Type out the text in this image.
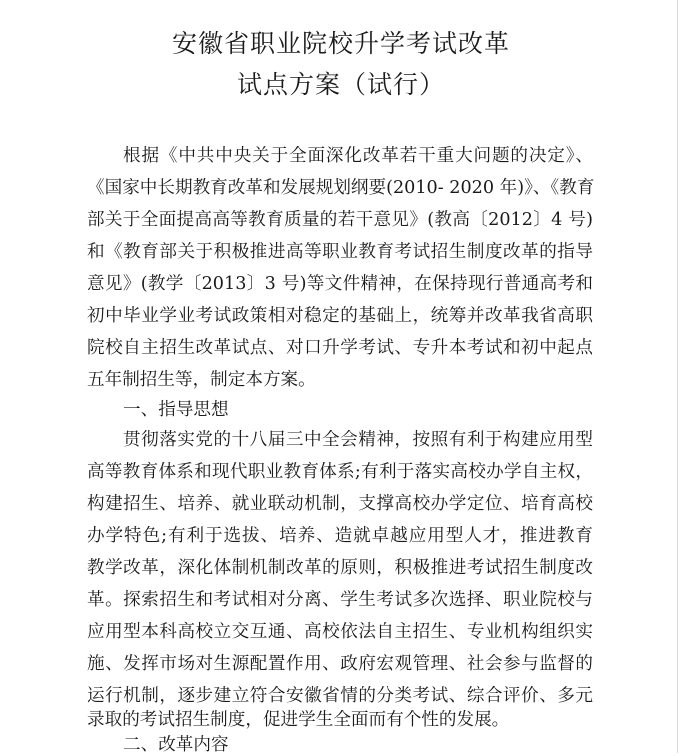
安徽省职业院校升学考试改革
试点方案（试行）
根据《中共中央关于全面深化改革若干重大问题的决定》、
《国家中长期教育改革和发展规划纲要(2010- 2020 年)》、《教育
部关于全面提高高等教育质量的若干意见》(教高〔2012〕4 号)
和《教育部关于积极推进高等职业教育考试招生制度改革的指导
意见》(教学〔2013〕3 号)等文件精神，在保持现行普通高考和
初中毕业学业考试政策相对稳定的基础上，统筹并改革我省高职
院校自主招生改革试点、对口升学考试、专升本考试和初中起点
五年制招生等，制定本方案。
一、指导思想
贯彻落实党的十八届三中全会精神，按照有利于构建应用型
高等教育体系和现代职业教育体系;有利于落实高校办学自主权，
构建招生、培养、就业联动机制，支撑高校办学定位、培育高校
办学特色;有利于选拔、培养、造就卓越应用型人才，推进教育
教学改革，深化体制机制改革的原则，积极推进考试招生制度改
革。探索招生和考试相对分离、学生考试多次选择、职业院校与
应用型本科高校立交互通、高校依法自主招生、专业机构组织实
施、发挥市场对生源配置作用、政府宏观管理、社会参与监督的
运行机制，逐步建立符合安徽省情的分类考试、综合评价、多元
录取的考试招生制度，促进学生全面而有个性的发展。
二、改革内容
